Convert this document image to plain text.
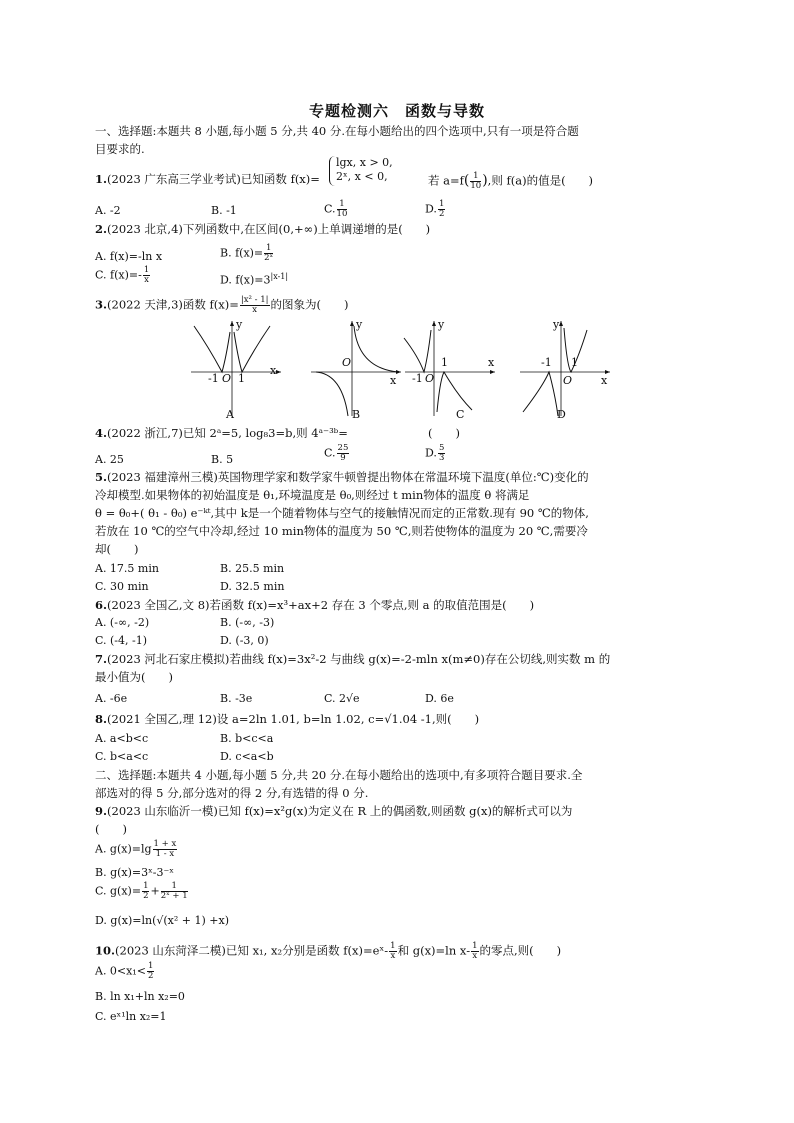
专题检测六　函数与导数
一、选择题:本题共 8 小题,每小题 5 分,共 40 分.在每小题给出的四个选项中,只有一项是符合题
目要求的.
1.(2023 广东高三学业考试)已知函数 f(x)=
lgx, x > 0,
2ˣ, x < 0,	若 $a=f( \frac{1}{10}$ ),则 f(a)的值是(　　)
A. -2	B. -1	C. $\frac{1}{10}$	D. $\frac{1}{2}$
2.(2023 北京,4)下列函数中,在区间(0,+∞)上单调递增的是(　　)
A. f(x)=-ln x	B. $f(x)= \frac{1}{\text{2ˣ}}$
C. $f(x)=- \frac{1}{x}$	D. $f(x)=3^{|x-1|}$
3.(2022 天津,3)函数 $f(x)= \frac{\text{|x² - 1|}}{x}$ 的图象为(　　)
y
x
-1 O 1
A
y
x
O
B
y
x
-1 O
1
C
y
x
-1
O
1
D
4.(2022 浙江,7)已知 2ᵃ=5, log₈3=b,则 4ᵃ⁻³ᵇ=	(　　)
A. 25	B. 5	C. $\frac{25}{9}$	D. $\frac{5}{3}$
5.(2023 福建漳州三模)英国物理学家和数学家牛顿曾提出物体在常温环境下温度(单位:℃)变化的
冷却模型.如果物体的初始温度是 θ₁,环境温度是 θ₀,则经过 t min物体的温度 θ 将满足
θ = θ₀+( θ₁ - θ₀) e⁻ᵏᵗ,其中 k是一个随着物体与空气的接触情况而定的正常数.现有 90 ℃的物体,
若放在 10 ℃的空气中冷却,经过 10 min物体的温度为 50 ℃,则若使物体的温度为 20 ℃,需要冷
却(　　)
A. 17.5 min	B. 25.5 min
C. 30 min	D. 32.5 min
6.(2023 全国乙,文 8)若函数 f(x)=x³+ax+2 存在 3 个零点,则 a 的取值范围是(　　)
A. (-∞, -2)	B. (-∞, -3)
C. (-4, -1)	D. (-3, 0)
7.(2023 河北石家庄模拟)若曲线 f(x)=3x²-2 与曲线 g(x)=-2-mln x(m≠0)存在公切线,则实数 m 的
最小值为(　　)
A. -6e	B. -3e	C. 2√e	D. 6e
8.(2021 全国乙,理 12)设 a=2ln 1.01, b=ln 1.02, c=√1.04 -1,则(　　)
A. a<b<c	B. b<c<a
C. b<a<c	D. c<a<b
二、选择题:本题共 4 小题,每小题 5 分,共 20 分.在每小题给出的选项中,有多项符合题目要求.全
部选对的得 5 分,部分选对的得 2 分,有选错的得 0 分.
9.(2023 山东临沂一模)已知 f(x)=x²g(x)为定义在 R 上的偶函数,则函数 g(x)的解析式可以为
(　　)
A. $g(x)=\lg \frac{1 + x}{1 - x}$
B. g(x)=3ˣ-3⁻ˣ
C. $g(x)= \frac{1}{2} + \frac{1}{\text{2ˣ + 1}}$
D. g(x)=ln(√(x² + 1) +x)
10.(2023 山东菏泽二模)已知 x₁, x₂分别是函数 f(x)=eˣ- $\frac{1}{x}$ 和 g(x)=ln $x- \frac{1}{x}$ 的零点,则(　　)
A. $0<x_1< \frac{1}{2}$
B. ln x₁+ln x₂=0
C. eˣ¹ln x₂=1
